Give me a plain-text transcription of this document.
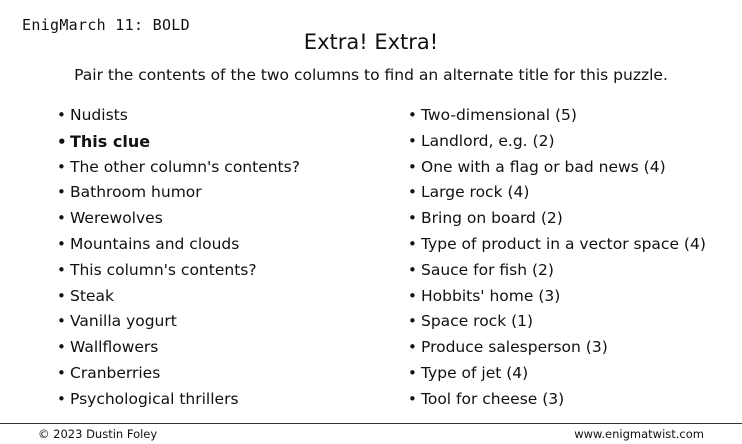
EnigMarch 11: BOLD
Extra! Extra!

Pair the contents of the two columns to find an alternate title for this puzzle.

• Nudists
• This clue
• The other column's contents?
• Bathroom humor
• Werewolves
• Mountains and clouds
• This column's contents?
• Steak
• Vanilla yogurt
• Wallflowers
• Cranberries
• Psychological thrillers
• Two-dimensional (5)
• Landlord, e.g. (2)
• One with a flag or bad news (4)
• Large rock (4)
• Bring on board (2)
• Type of product in a vector space (4)
• Sauce for fish (2)
• Hobbits' home (3)
• Space rock (1)
• Produce salesperson (3)
• Type of jet (4)
• Tool for cheese (3)
© 2023 Dustin Foley	www.enigmatwist.com
